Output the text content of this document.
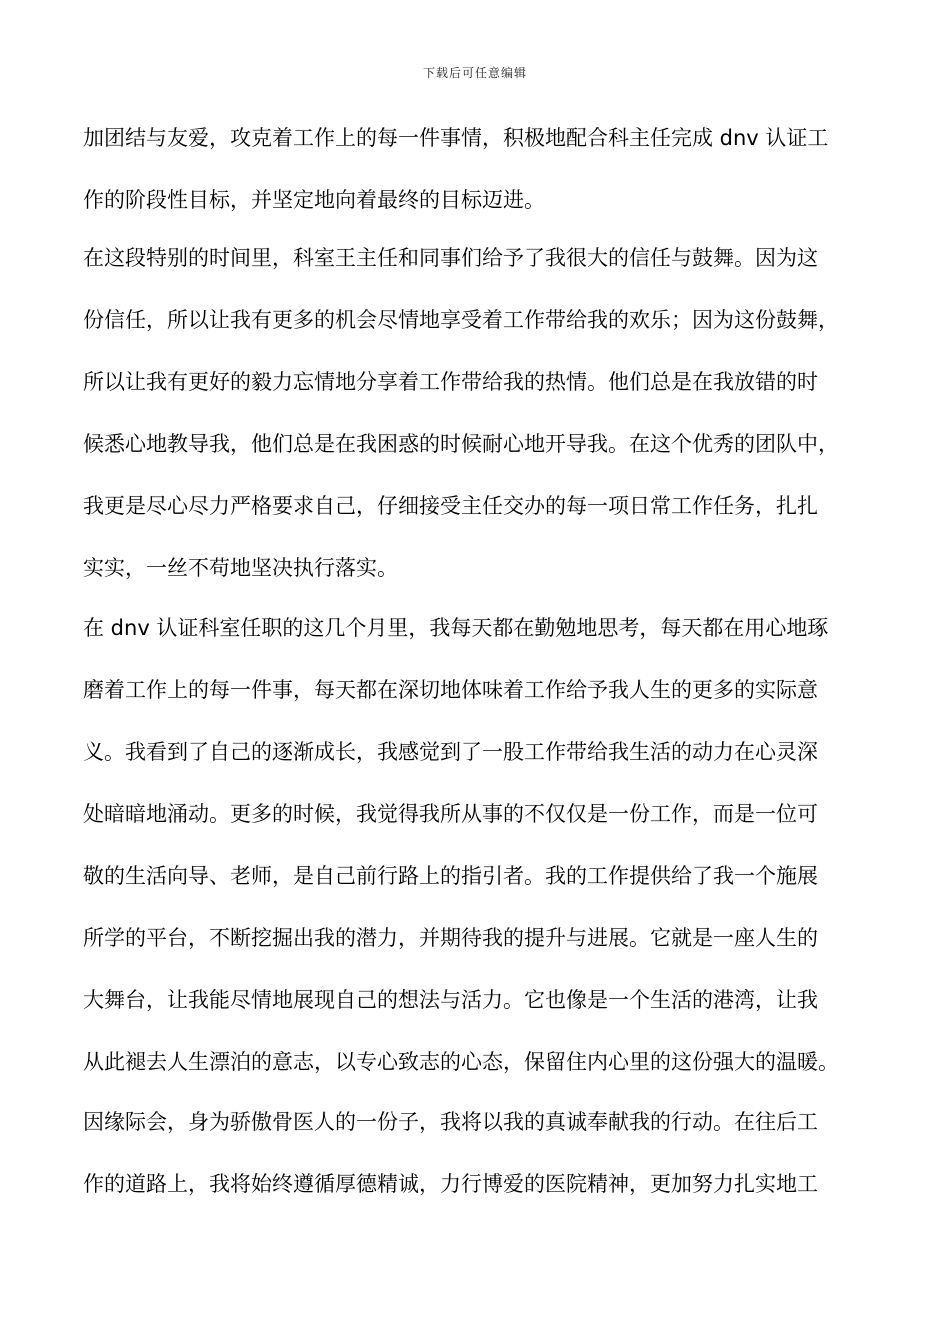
下载后可任意编辑
加团结与友爱，攻克着工作上的每一件事情，积极地配合科主任完成 dnv 认证工
作的阶段性目标，并坚定地向着最终的目标迈进。
在这段特别的时间里，科室王主任和同事们给予了我很大的信任与鼓舞。因为这
份信任，所以让我有更多的机会尽情地享受着工作带给我的欢乐；因为这份鼓舞，
所以让我有更好的毅力忘情地分享着工作带给我的热情。他们总是在我放错的时
候悉心地教导我，他们总是在我困惑的时候耐心地开导我。在这个优秀的团队中，
我更是尽心尽力严格要求自己，仔细接受主任交办的每一项日常工作任务，扎扎
实实，一丝不苟地坚决执行落实。
在 dnv 认证科室任职的这几个月里，我每天都在勤勉地思考，每天都在用心地琢
磨着工作上的每一件事，每天都在深切地体味着工作给予我人生的更多的实际意
义。我看到了自己的逐渐成长，我感觉到了一股工作带给我生活的动力在心灵深
处暗暗地涌动。更多的时候，我觉得我所从事的不仅仅是一份工作，而是一位可
敬的生活向导、老师，是自己前行路上的指引者。我的工作提供给了我一个施展
所学的平台，不断挖掘出我的潜力，并期待我的提升与进展。它就是一座人生的
大舞台，让我能尽情地展现自己的想法与活力。它也像是一个生活的港湾，让我
从此褪去人生漂泊的意志，以专心致志的心态，保留住内心里的这份强大的温暖。
因缘际会，身为骄傲骨医人的一份子，我将以我的真诚奉献我的行动。在往后工
作的道路上，我将始终遵循厚德精诚，力行博爱的医院精神，更加努力扎实地工
